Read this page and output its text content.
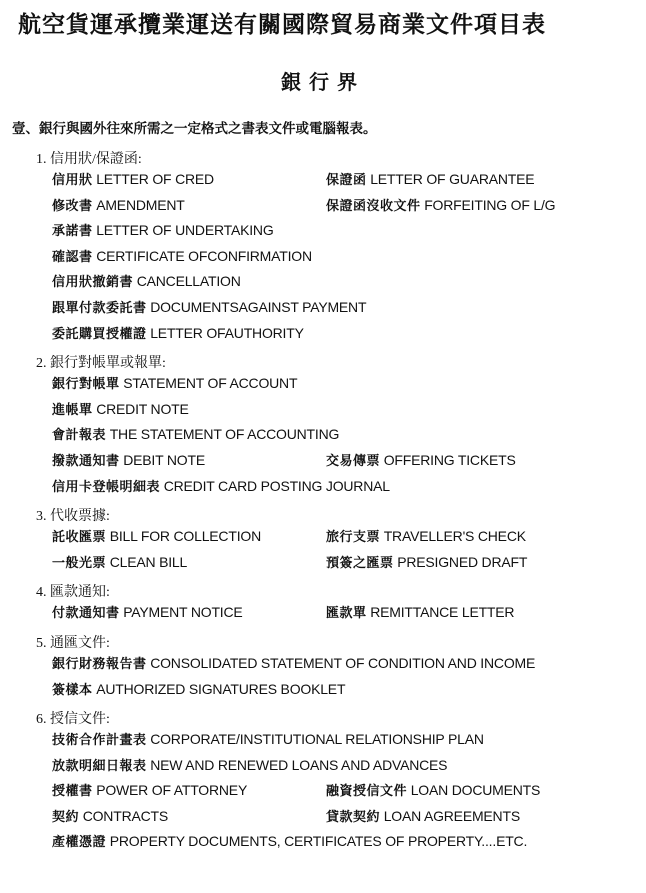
航空貨運承攬業運送有關國際貿易商業文件項目表
銀行界
壹、銀行與國外往來所需之一定格式之書表文件或電腦報表。
1. 信用狀/保證函:
信用狀 LETTER OF CRED	保證函 LETTER OF GUARANTEE
修改書 AMENDMENT	保證函沒收文件 FORFEITING OF L/G
承諾書 LETTER OF UNDERTAKING
確認書 CERTIFICATE OFCONFIRMATION
信用狀撤銷書 CANCELLATION
跟單付款委託書 DOCUMENTSAGAINST PAYMENT
委託購買授權證 LETTER OFAUTHORITY
2. 銀行對帳單或報單:
銀行對帳單 STATEMENT OF ACCOUNT
進帳單 CREDIT NOTE
會計報表 THE STATEMENT OF ACCOUNTING
撥款通知書 DEBIT NOTE	交易傳票 OFFERING TICKETS
信用卡登帳明細表 CREDIT CARD POSTING JOURNAL
3. 代收票據:
託收匯票 BILL FOR COLLECTION	旅行支票 TRAVELLER'S CHECK
一般光票 CLEAN BILL	預簽之匯票 PRESIGNED DRAFT
4. 匯款通知:
付款通知書 PAYMENT NOTICE	匯款單 REMITTANCE LETTER
5. 通匯文件:
銀行財務報告書 CONSOLIDATED STATEMENT OF CONDITION AND INCOME
簽樣本 AUTHORIZED SIGNATURES BOOKLET
6. 授信文件:
技術合作計畫表 CORPORATE/INSTITUTIONAL RELATIONSHIP PLAN
放款明細日報表 NEW AND RENEWED LOANS AND ADVANCES
授權書 POWER OF ATTORNEY	融資授信文件 LOAN DOCUMENTS
契約 CONTRACTS	貸款契約 LOAN AGREEMENTS
產權憑證 PROPERTY DOCUMENTS, CERTIFICATES OF PROPERTY....ETC.
